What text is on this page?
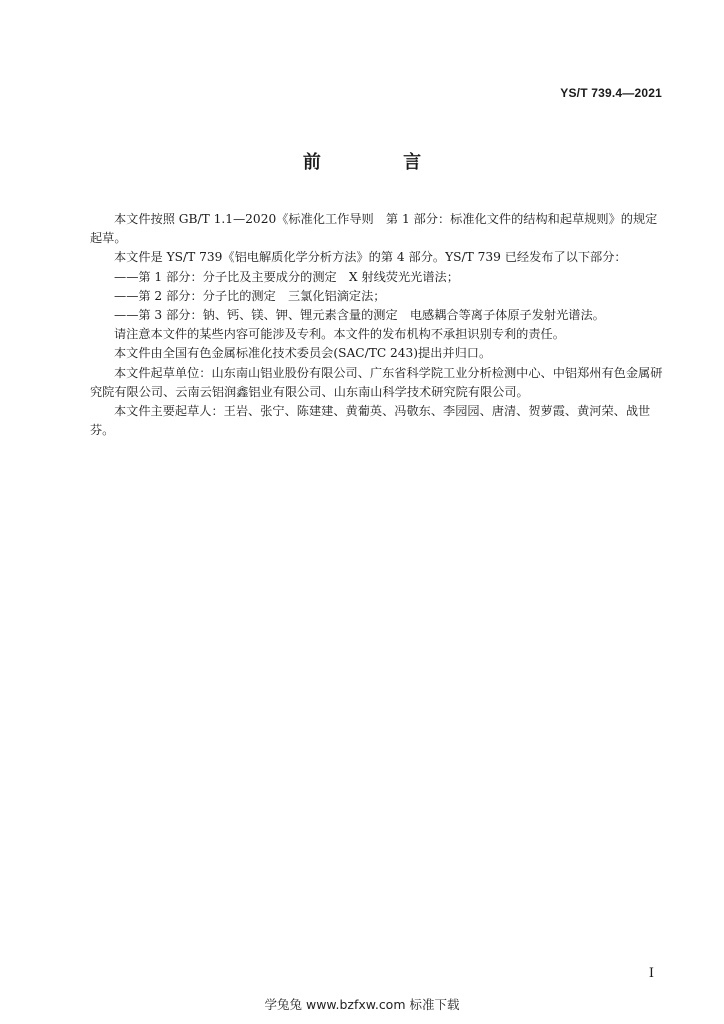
YS/T 739.4—2021
前 言

本文件按照 GB/T 1.1—2020《标准化工作导则　第 1 部分：标准化文件的结构和起草规则》的规定起草。

本文件是 YS/T 739《铝电解质化学分析方法》的第 4 部分。YS/T 739 已经发布了以下部分：

——第 1 部分：分子比及主要成分的测定　X 射线荧光光谱法；

——第 2 部分：分子比的测定　三氯化铝滴定法；

——第 3 部分：钠、钙、镁、钾、锂元素含量的测定　电感耦合等离子体原子发射光谱法。

请注意本文件的某些内容可能涉及专利。本文件的发布机构不承担识别专利的责任。

本文件由全国有色金属标准化技术委员会(SAC/TC 243)提出并归口。

本文件起草单位：山东南山铝业股份有限公司、广东省科学院工业分析检测中心、中铝郑州有色金属研究院有限公司、云南云铝润鑫铝业有限公司、山东南山科学技术研究院有限公司。

本文件主要起草人：王岩、张宁、陈建建、黄葡英、冯敬东、李园园、唐清、贺萝霞、黄河荣、战世芬。

I
学兔兔 www.bzfxw.com 标准下载
